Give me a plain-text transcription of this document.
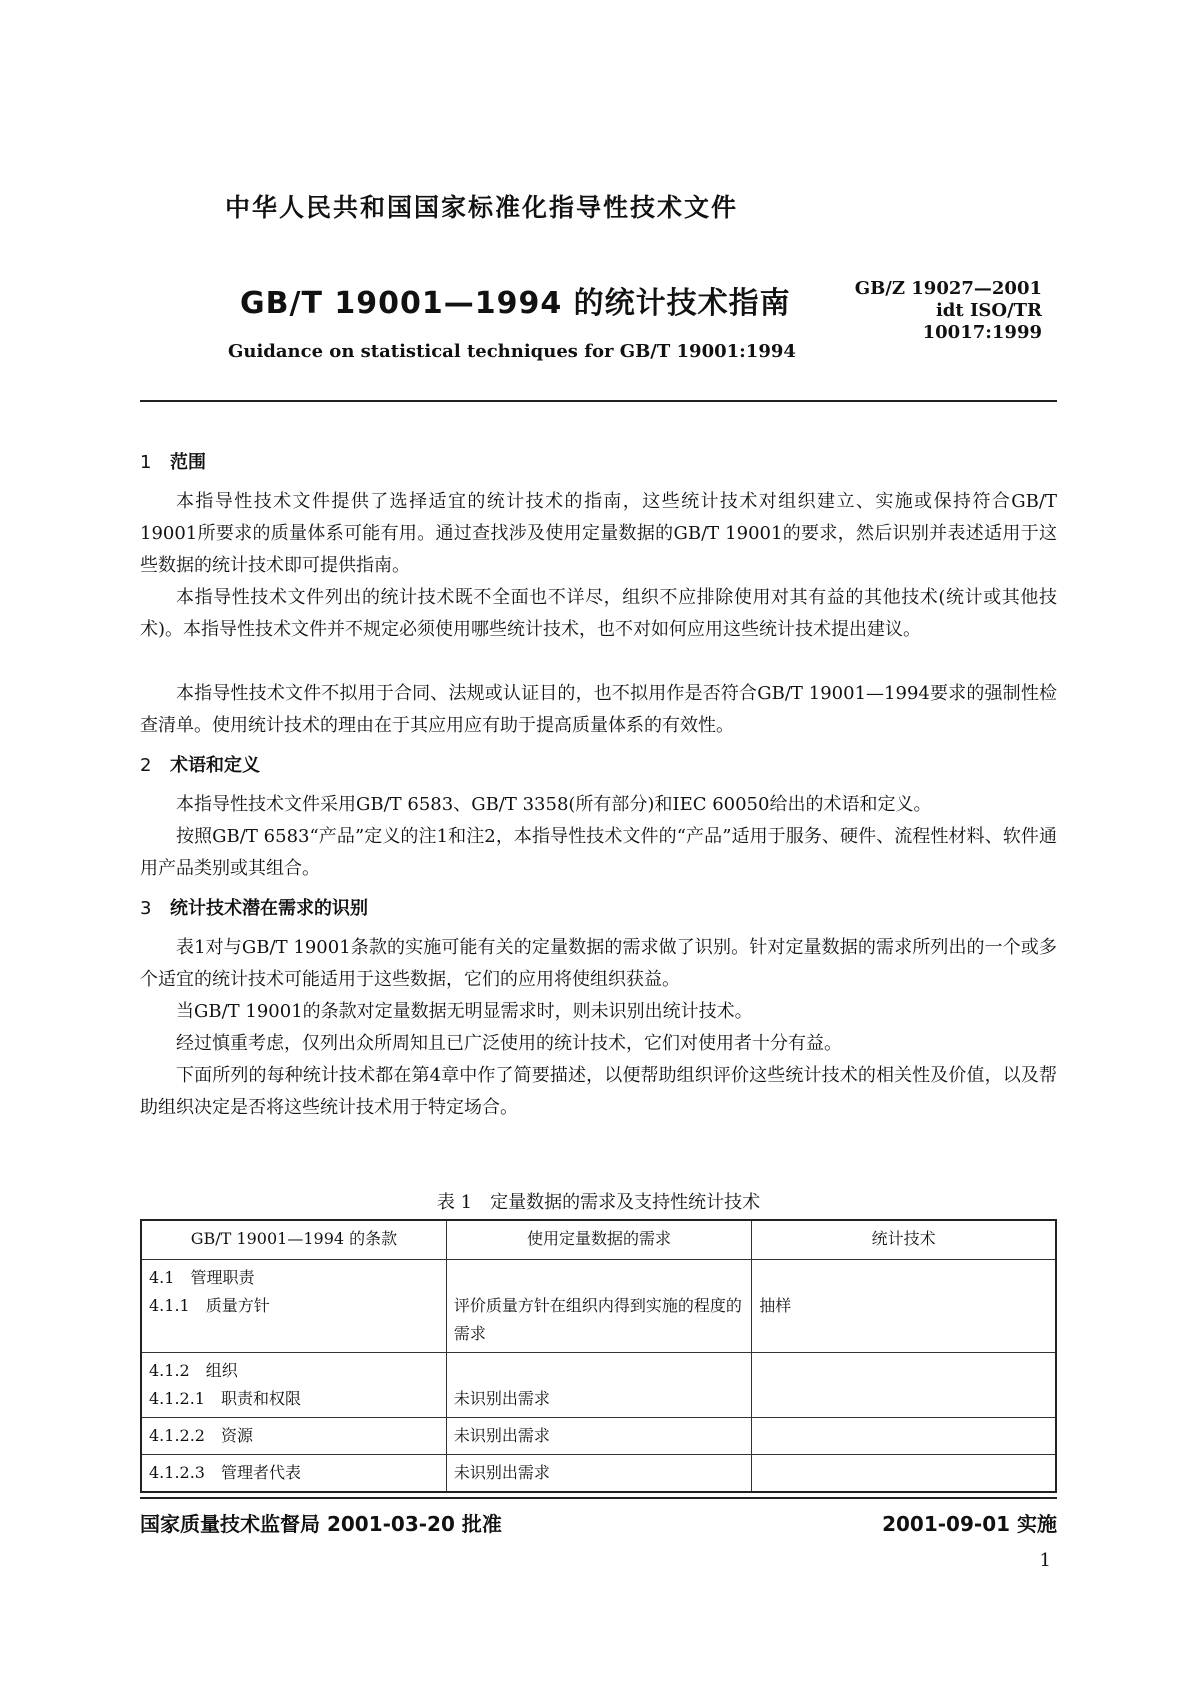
中华人民共和国国家标准化指导性技术文件
GB/T 19001—1994 的统计技术指南	GB/Z 19027—2001
idt ISO/TR 10017:1999
Guidance on statistical techniques for GB/T 19001:1994
1 范围
本指导性技术文件提供了选择适宜的统计技术的指南，这些统计技术对组织建立、实施或保持符合GB/T 19001所要求的质量体系可能有用。通过查找涉及使用定量数据的GB/T 19001的要求，然后识别并表述适用于这些数据的统计技术即可提供指南。
本指导性技术文件列出的统计技术既不全面也不详尽，组织不应排除使用对其有益的其他技术(统计或其他技术)。本指导性技术文件并不规定必须使用哪些统计技术，也不对如何应用这些统计技术提出建议。
本指导性技术文件不拟用于合同、法规或认证目的，也不拟用作是否符合GB/T 19001—1994要求的强制性检查清单。使用统计技术的理由在于其应用应有助于提高质量体系的有效性。
2 术语和定义
本指导性技术文件采用GB/T 6583、GB/T 3358(所有部分)和IEC 60050给出的术语和定义。
按照GB/T 6583“产品”定义的注1和注2，本指导性技术文件的“产品”适用于服务、硬件、流程性材料、软件通用产品类别或其组合。
3 统计技术潜在需求的识别
表1对与GB/T 19001条款的实施可能有关的定量数据的需求做了识别。针对定量数据的需求所列出的一个或多个适宜的统计技术可能适用于这些数据，它们的应用将使组织获益。
当GB/T 19001的条款对定量数据无明显需求时，则未识别出统计技术。
经过慎重考虑，仅列出众所周知且已广泛使用的统计技术，它们对使用者十分有益。
下面所列的每种统计技术都在第4章中作了简要描述，以便帮助组织评价这些统计技术的相关性及价值，以及帮助组织决定是否将这些统计技术用于特定场合。
表 1　定量数据的需求及支持性统计技术
GB/T 19001—1994 的条款	使用定量数据的需求	统计技术

4.1　管理职责
4.1.1　质量方针	评价质量方针在组织内得到实施的程度的需求	抽样

4.1.2　组织
4.1.2.1　职责和权限	未识别出需求	

4.1.2.2　资源	未识别出需求	
4.1.2.3　管理者代表	未识别出需求	
国家质量技术监督局 2001-03-20 批准	2001-09-01 实施
1
